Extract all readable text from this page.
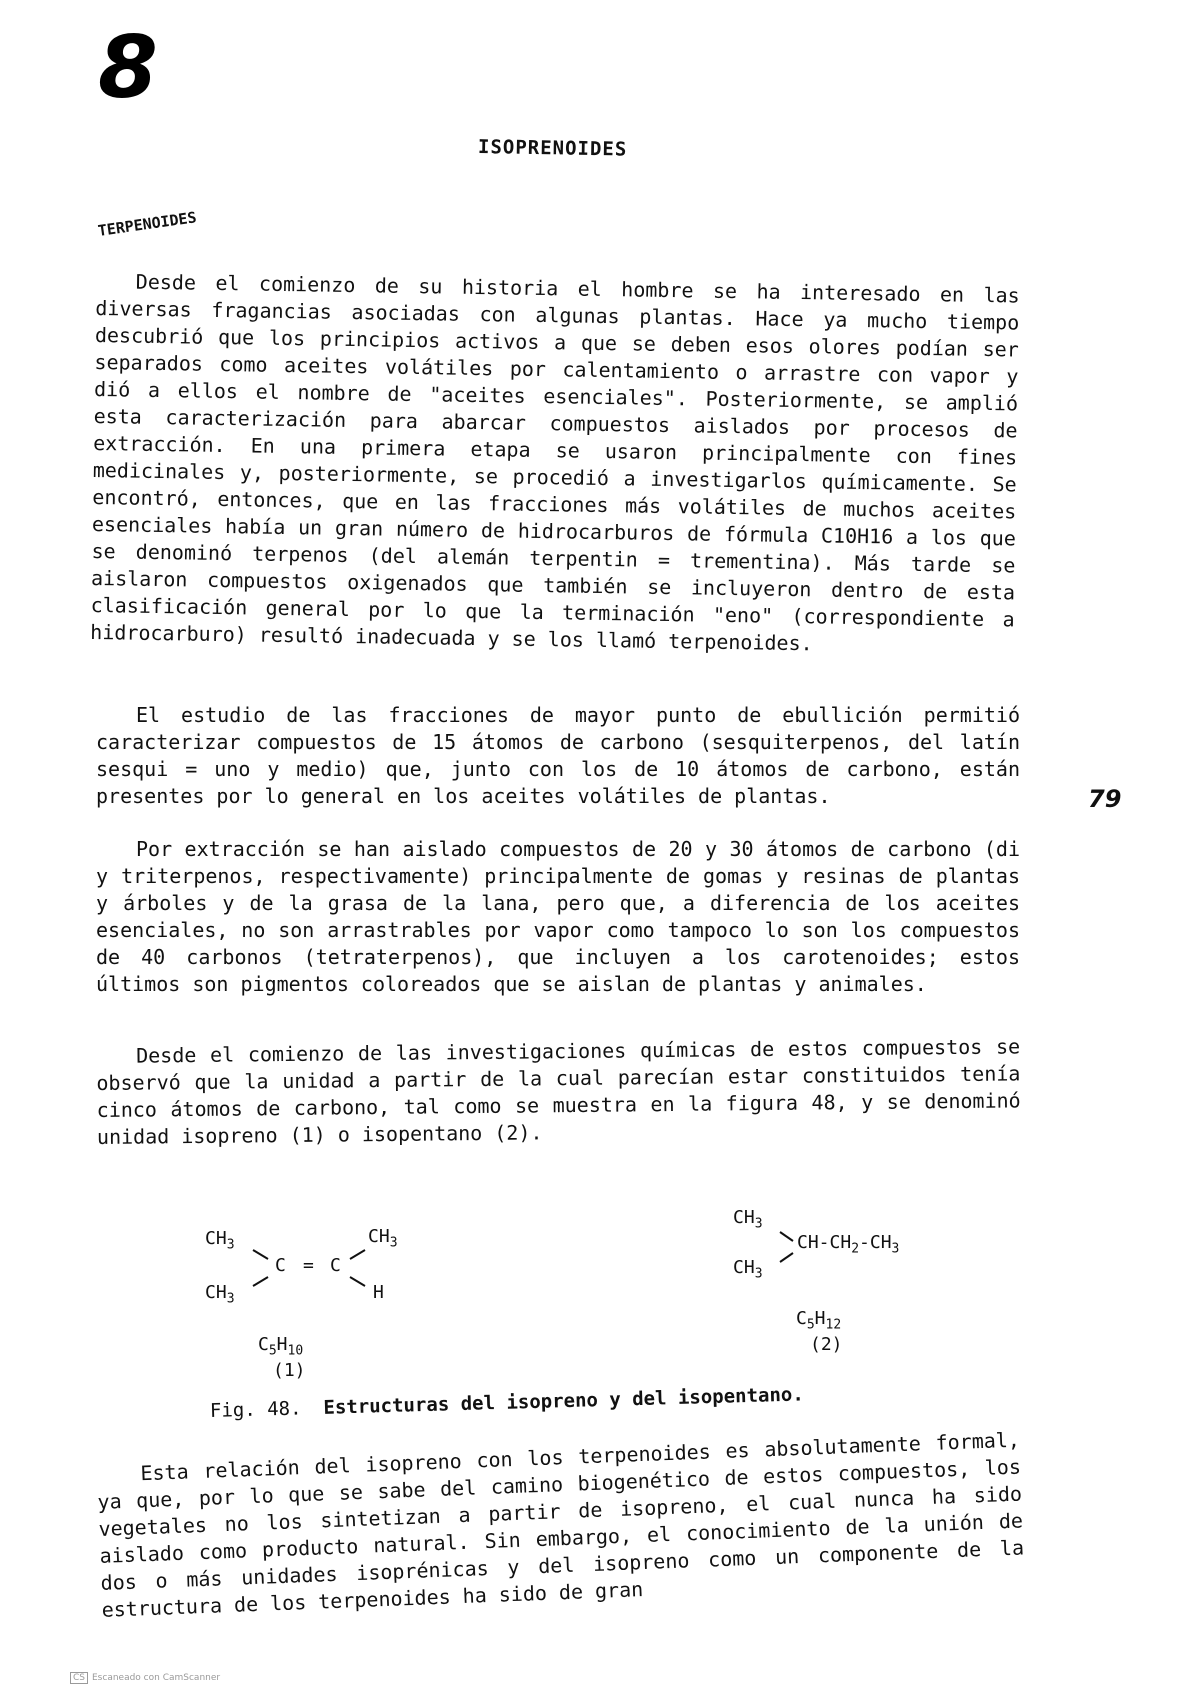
8
ISOPRENOIDES
TERPENOIDES

Desde el comienzo de su historia el hombre se ha interesado en las diversas fragancias asociadas con algunas plantas. Hace ya mucho tiempo descubrió que los principios activos a que se deben esos olores podían ser separados como aceites volátiles por calentamiento o arrastre con vapor y dió a ellos el nombre de "aceites esenciales". Posteriormente, se amplió esta caracterización para abarcar compuestos aislados por procesos de extracción. En una primera etapa se usaron principalmente con fines medicinales y, posteriormente, se procedió a investigarlos químicamente. Se encontró, entonces, que en las fracciones más volátiles de muchos aceites esenciales había un gran número de hidrocarburos de fórmula C10H16 a los que se denominó terpenos (del alemán terpentin = trementina). Más tarde se aislaron compuestos oxigenados que también se incluyeron dentro de esta clasificación general por lo que la terminación "eno" (correspondiente a hidrocarburo) resultó inadecuada y se los llamó terpenoides.

El estudio de las fracciones de mayor punto de ebullición permitió caracterizar compuestos de 15 átomos de carbono (sesquiterpenos, del latín sesqui = uno y medio) que, junto con los de 10 átomos de carbono, están presentes por lo general en los aceites volátiles de plantas.

Por extracción se han aislado compuestos de 20 y 30 átomos de carbono (di y triterpenos, respectivamente) principalmente de gomas y resinas de plantas y árboles y de la grasa de la lana, pero que, a diferencia de los aceites esenciales, no son arrastrables por vapor como tampoco lo son los compuestos de 40 carbonos (tetraterpenos), que incluyen a los carotenoides; estos últimos son pigmentos coloreados que se aislan de plantas y animales.

Desde el comienzo de las investigaciones químicas de estos compuestos se observó que la unidad a partir de la cual parecían estar constituidos tenía cinco átomos de carbono, tal como se muestra en la figura 48, y se denominó unidad isopreno (1) o isopentano (2).

79
$CH_3$	$CH_3$
$CH_3$
C = C
H
$C_5H_{10}$
(1)
$CH_3$
$CH_3$
$CH-CH_2-CH_3$
$C_5H_{12}$
(2)
Fig. 48. Estructuras del isopreno y del isopentano.

Esta relación del isopreno con los terpenoides es absolutamente formal, ya que, por lo que se sabe del camino biogenético de estos compuestos, los vegetales no los sintetizan a partir de isopreno, el cual nunca ha sido aislado como producto natural. Sin embargo, el conocimiento de la unión de dos o más unidades isoprénicas y del isopreno como un componente de la estructura de los terpenoides ha sido de gran

CS Escaneado con CamScanner
